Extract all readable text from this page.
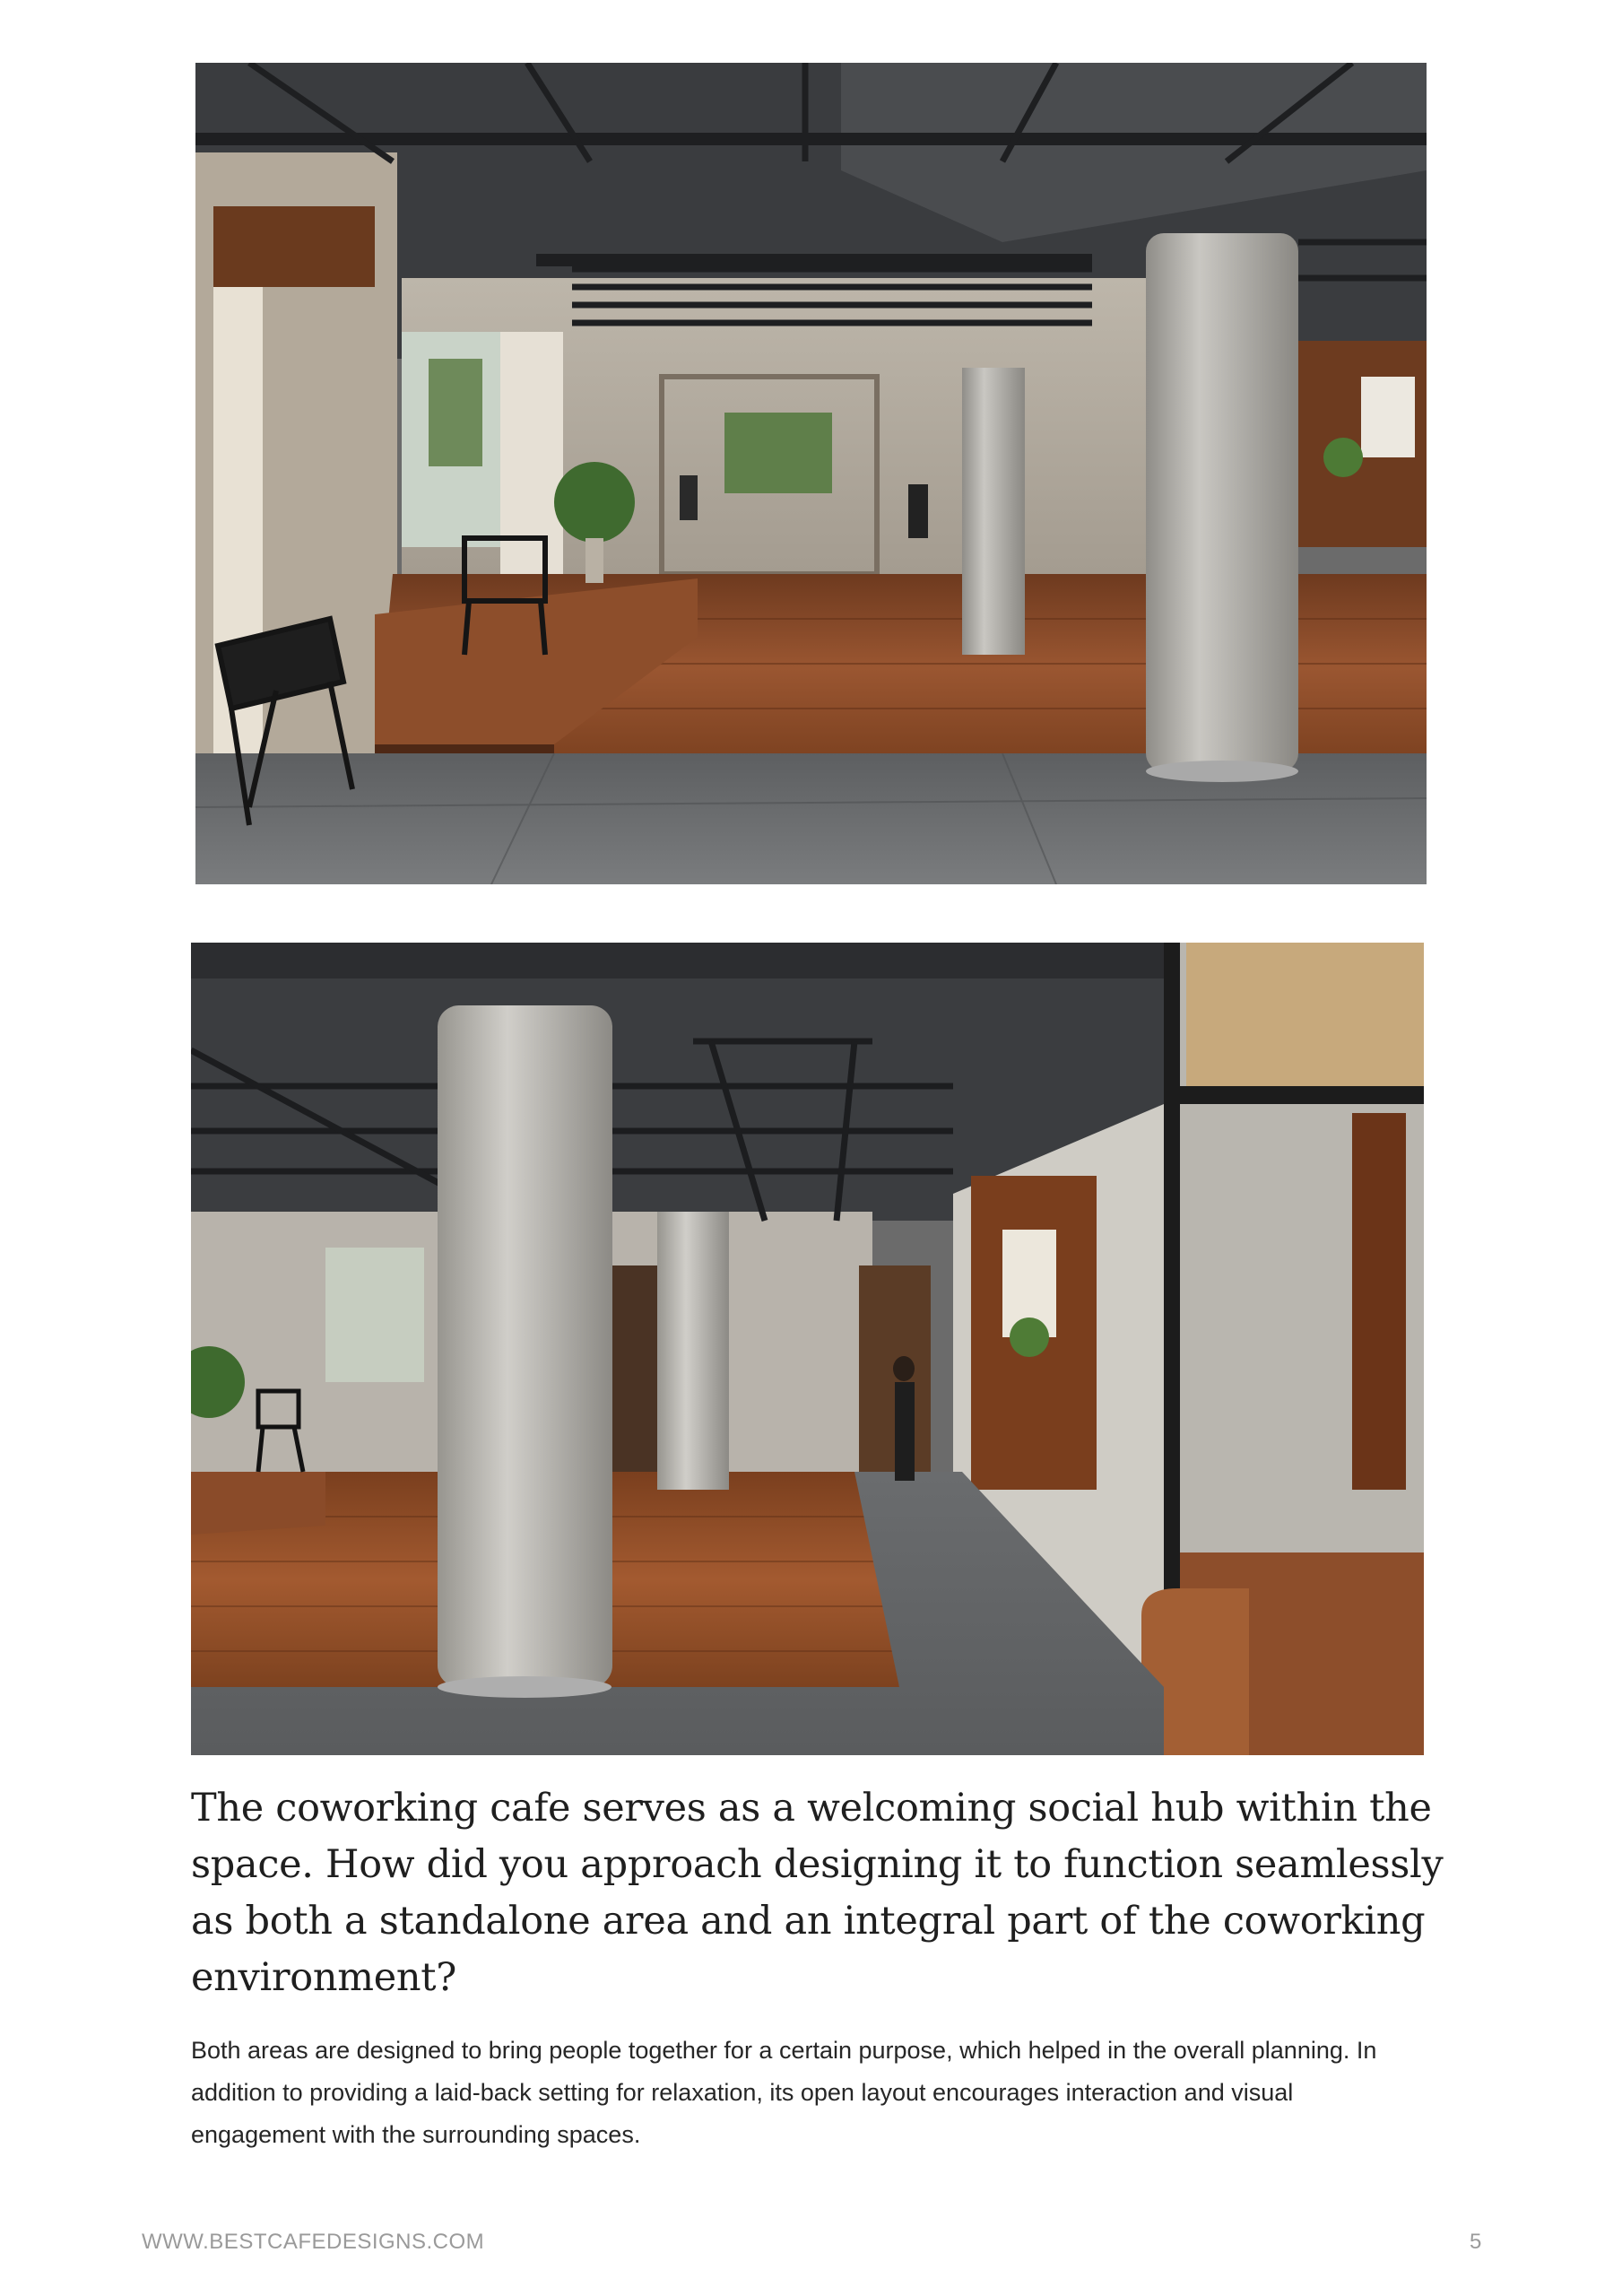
The coworking cafe serves as a welcoming social hub within the space. How did you approach designing it to function seamlessly as both a standalone area and an integral part of the coworking environment?

Both areas are designed to bring people together for a certain purpose, which helped in the overall planning. In addition to providing a laid-back setting for relaxation, its open layout encourages interaction and visual engagement with the surrounding spaces.

WWW.BESTCAFEDESIGNS.COM	5
